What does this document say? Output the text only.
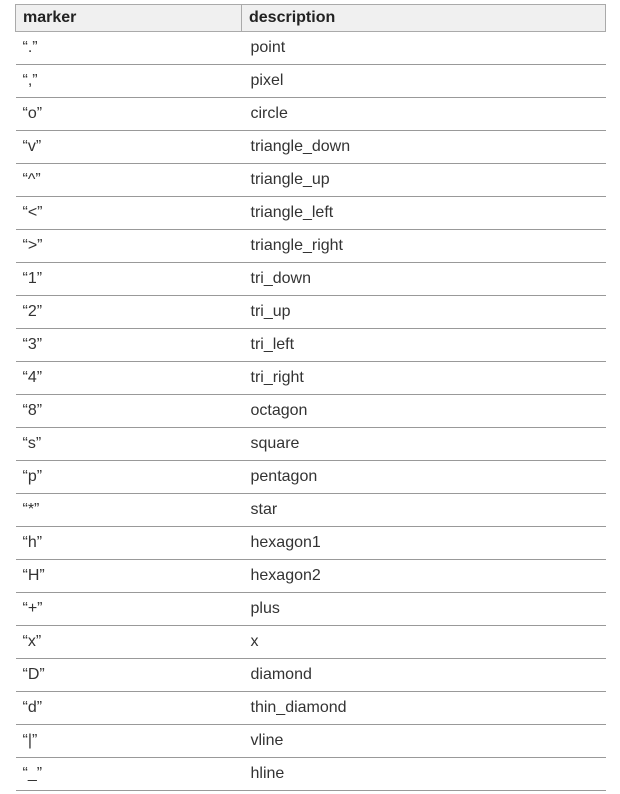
marker	description
“.”	point
“,”	pixel
“o”	circle
“v”	triangle_down
“^”	triangle_up
“<”	triangle_left
“>”	triangle_right
“1”	tri_down
“2”	tri_up
“3”	tri_left
“4”	tri_right
“8”	octagon
“s”	square
“p”	pentagon
“*”	star
“h”	hexagon1
“H”	hexagon2
“+”	plus
“x”	x
“D”	diamond
“d”	thin_diamond
“|”	vline
“_”	hline
